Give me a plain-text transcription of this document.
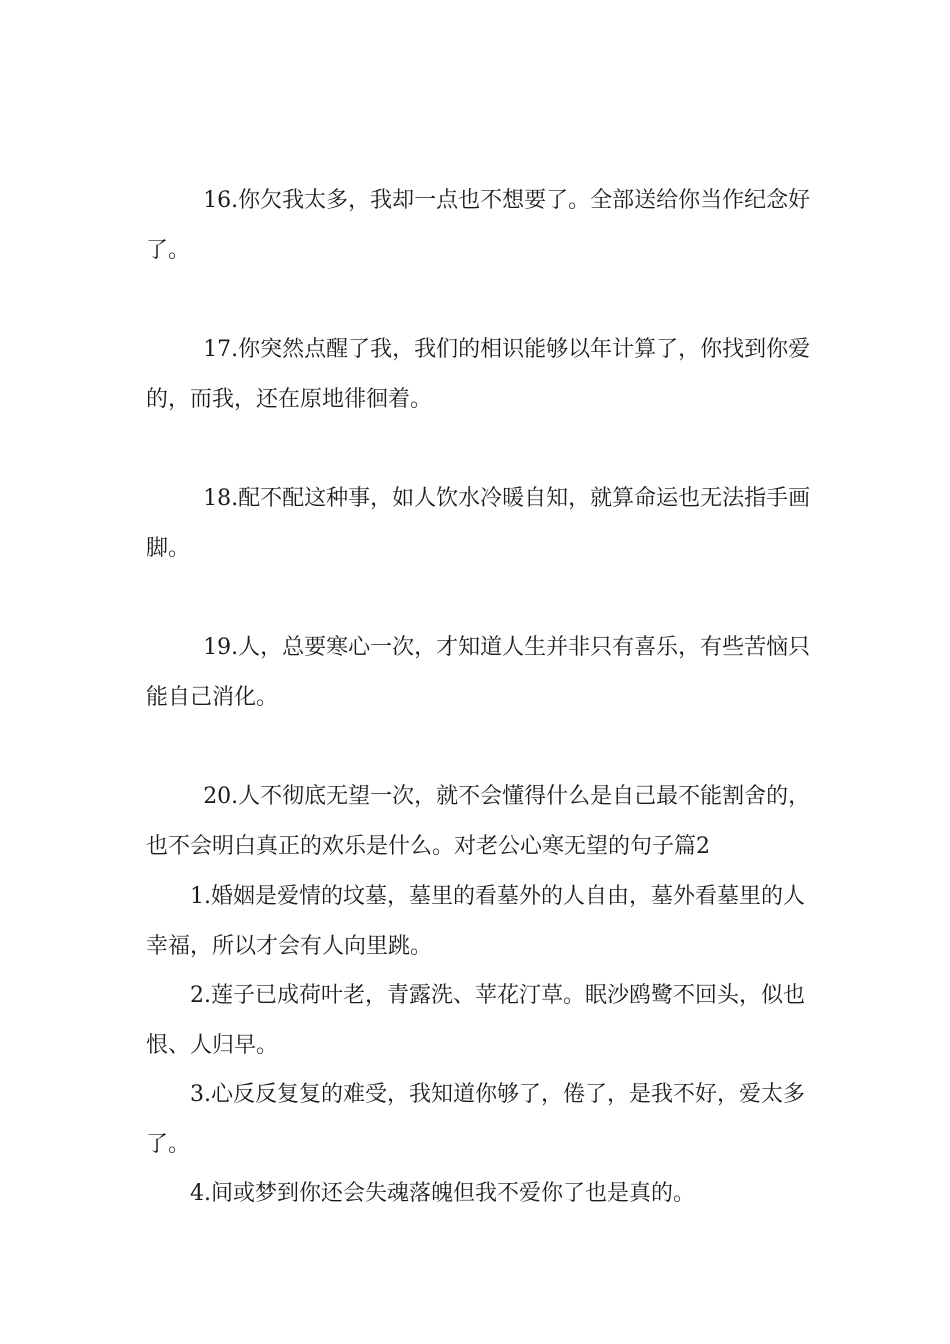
16.你欠我太多，我却一点也不想要了。全部送给你当作纪念好了。

17.你突然点醒了我，我们的相识能够以年计算了，你找到你爱的，而我，还在原地徘徊着。

18.配不配这种事，如人饮水冷暖自知，就算命运也无法指手画脚。

19.人，总要寒心一次，才知道人生并非只有喜乐，有些苦恼只能自己消化。

20.人不彻底无望一次，就不会懂得什么是自己最不能割舍的，也不会明白真正的欢乐是什么。对老公心寒无望的句子篇2

1.婚姻是爱情的坟墓，墓里的看墓外的人自由，墓外看墓里的人幸福，所以才会有人向里跳。

2.莲子已成荷叶老，青露洗、苹花汀草。眠沙鸥鹭不回头，似也恨、人归早。

3.心反反复复的难受，我知道你够了，倦了，是我不好，爱太多了。

4.间或梦到你还会失魂落魄但我不爱你了也是真的。
